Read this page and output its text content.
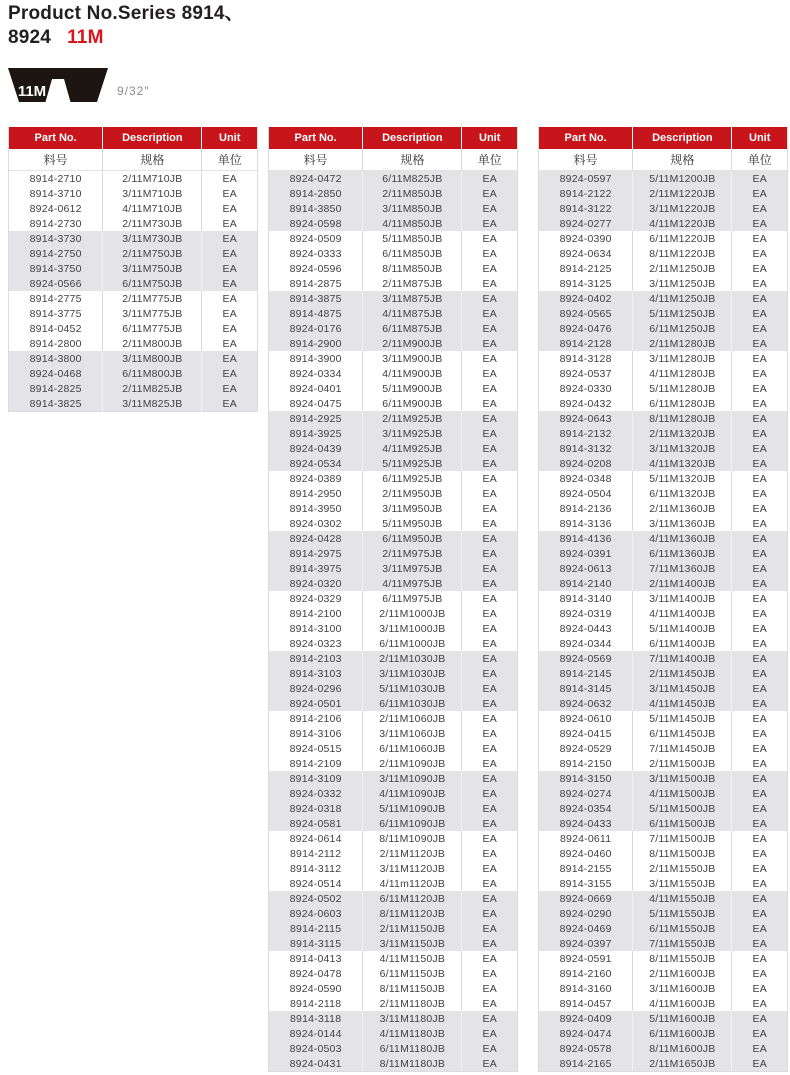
Product No.Series 8914、
8924 11M
11M	9/32"
Part No.	Description	Unit
料号	规格	单位
8914-2710	2/11M710JB	EA
8914-3710	3/11M710JB	EA
8924-0612	4/11M710JB	EA
8914-2730	2/11M730JB	EA
8914-3730	3/11M730JB	EA
8914-2750	2/11M750JB	EA
8914-3750	3/11M750JB	EA
8924-0566	6/11M750JB	EA
8914-2775	2/11M775JB	EA
8914-3775	3/11M775JB	EA
8914-0452	6/11M775JB	EA
8914-2800	2/11M800JB	EA
8914-3800	3/11M800JB	EA
8924-0468	6/11M800JB	EA
8914-2825	2/11M825JB	EA
8914-3825	3/11M825JB	EA
Part No.	Description	Unit
料号	规格	单位
8924-0472	6/11M825JB	EA
8914-2850	2/11M850JB	EA
8914-3850	3/11M850JB	EA
8924-0598	4/11M850JB	EA
8924-0509	5/11M850JB	EA
8924-0333	6/11M850JB	EA
8924-0596	8/11M850JB	EA
8914-2875	2/11M875JB	EA
8914-3875	3/11M875JB	EA
8914-4875	4/11M875JB	EA
8924-0176	6/11M875JB	EA
8914-2900	2/11M900JB	EA
8914-3900	3/11M900JB	EA
8924-0334	4/11M900JB	EA
8924-0401	5/11M900JB	EA
8924-0475	6/11M900JB	EA
8914-2925	2/11M925JB	EA
8914-3925	3/11M925JB	EA
8924-0439	4/11M925JB	EA
8924-0534	5/11M925JB	EA
8924-0389	6/11M925JB	EA
8914-2950	2/11M950JB	EA
8914-3950	3/11M950JB	EA
8924-0302	5/11M950JB	EA
8924-0428	6/11M950JB	EA
8914-2975	2/11M975JB	EA
8914-3975	3/11M975JB	EA
8924-0320	4/11M975JB	EA
8924-0329	6/11M975JB	EA
8914-2100	2/11M1000JB	EA
8914-3100	3/11M1000JB	EA
8924-0323	6/11M1000JB	EA
8914-2103	2/11M1030JB	EA
8914-3103	3/11M1030JB	EA
8924-0296	5/11M1030JB	EA
8924-0501	6/11M1030JB	EA
8914-2106	2/11M1060JB	EA
8914-3106	3/11M1060JB	EA
8924-0515	6/11M1060JB	EA
8914-2109	2/11M1090JB	EA
8914-3109	3/11M1090JB	EA
8924-0332	4/11M1090JB	EA
8924-0318	5/11M1090JB	EA
8924-0581	6/11M1090JB	EA
8924-0614	8/11M1090JB	EA
8914-2112	2/11M1120JB	EA
8914-3112	3/11M1120JB	EA
8924-0514	4/11m1120JB	EA
8924-0502	6/11M1120JB	EA
8924-0603	8/11M1120JB	EA
8914-2115	2/11M1150JB	EA
8914-3115	3/11M1150JB	EA
8914-0413	4/11M1150JB	EA
8924-0478	6/11M1150JB	EA
8924-0590	8/11M1150JB	EA
8914-2118	2/11M1180JB	EA
8914-3118	3/11M1180JB	EA
8924-0144	4/11M1180JB	EA
8924-0503	6/11M1180JB	EA
8924-0431	8/11M1180JB	EA
Part No.	Description	Unit
料号	规格	单位
8924-0597	5/11M1200JB	EA
8914-2122	2/11M1220JB	EA
8914-3122	3/11M1220JB	EA
8924-0277	4/11M1220JB	EA
8924-0390	6/11M1220JB	EA
8924-0634	8/11M1220JB	EA
8914-2125	2/11M1250JB	EA
8914-3125	3/11M1250JB	EA
8924-0402	4/11M1250JB	EA
8924-0565	5/11M1250JB	EA
8924-0476	6/11M1250JB	EA
8914-2128	2/11M1280JB	EA
8914-3128	3/11M1280JB	EA
8924-0537	4/11M1280JB	EA
8924-0330	5/11M1280JB	EA
8924-0432	6/11M1280JB	EA
8924-0643	8/11M1280JB	EA
8914-2132	2/11M1320JB	EA
8914-3132	3/11M1320JB	EA
8924-0208	4/11M1320JB	EA
8924-0348	5/11M1320JB	EA
8924-0504	6/11M1320JB	EA
8914-2136	2/11M1360JB	EA
8914-3136	3/11M1360JB	EA
8914-4136	4/11M1360JB	EA
8924-0391	6/11M1360JB	EA
8924-0613	7/11M1360JB	EA
8914-2140	2/11M1400JB	EA
8914-3140	3/11M1400JB	EA
8924-0319	4/11M1400JB	EA
8924-0443	5/11M1400JB	EA
8924-0344	6/11M1400JB	EA
8924-0569	7/11M1400JB	EA
8914-2145	2/11M1450JB	EA
8914-3145	3/11M1450JB	EA
8924-0632	4/11M1450JB	EA
8924-0610	5/11M1450JB	EA
8924-0415	6/11M1450JB	EA
8924-0529	7/11M1450JB	EA
8914-2150	2/11M1500JB	EA
8914-3150	3/11M1500JB	EA
8924-0274	4/11M1500JB	EA
8924-0354	5/11M1500JB	EA
8924-0433	6/11M1500JB	EA
8924-0611	7/11M1500JB	EA
8924-0460	8/11M1500JB	EA
8914-2155	2/11M1550JB	EA
8914-3155	3/11M1550JB	EA
8924-0669	4/11M1550JB	EA
8924-0290	5/11M1550JB	EA
8924-0469	6/11M1550JB	EA
8924-0397	7/11M1550JB	EA
8924-0591	8/11M1550JB	EA
8914-2160	2/11M1600JB	EA
8914-3160	3/11M1600JB	EA
8914-0457	4/11M1600JB	EA
8924-0409	5/11M1600JB	EA
8924-0474	6/11M1600JB	EA
8924-0578	8/11M1600JB	EA
8914-2165	2/11M1650JB	EA
